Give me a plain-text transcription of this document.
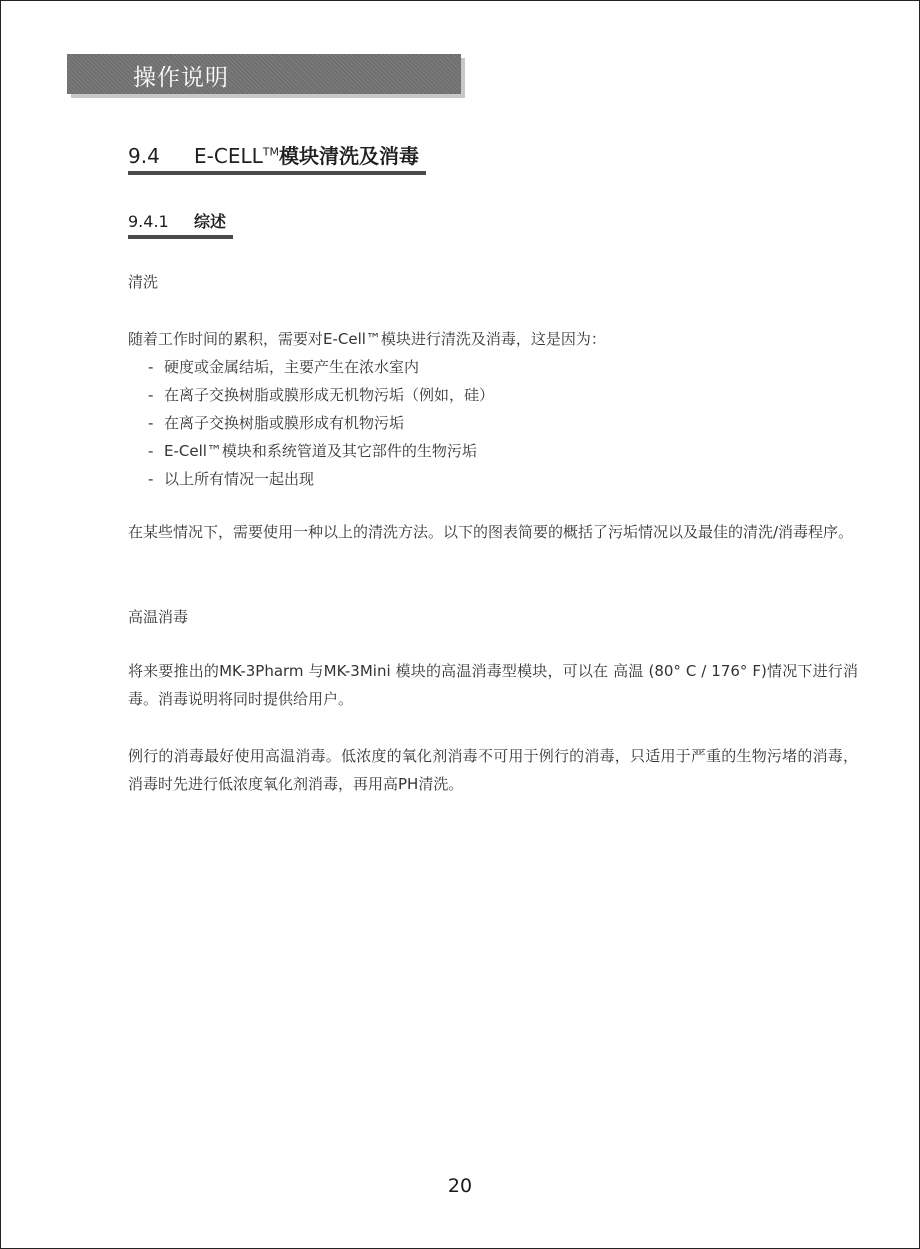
操作说明
9.4 E-CELL™模块清洗及消毒
9.4.1 综述
清洗
随着工作时间的累积，需要对E-Cell™模块进行清洗及消毒，这是因为：
- 硬度或金属结垢，主要产生在浓水室内
- 在离子交换树脂或膜形成无机物污垢（例如，硅）
- 在离子交换树脂或膜形成有机物污垢
- E-Cell™模块和系统管道及其它部件的生物污垢
- 以上所有情况一起出现
在某些情况下，需要使用一种以上的清洗方法。以下的图表简要的概括了污垢情况以及最佳的清洗/消毒程序。
高温消毒
将来要推出的MK-3Pharm 与MK-3Mini 模块的高温消毒型模块，可以在 高温 (80° C / 176° F)情况下进行消毒。消毒说明将同时提供给用户。
例行的消毒最好使用高温消毒。低浓度的氧化剂消毒不可用于例行的消毒，只适用于严重的生物污堵的消毒，消毒时先进行低浓度氧化剂消毒，再用高PH清洗。
20
